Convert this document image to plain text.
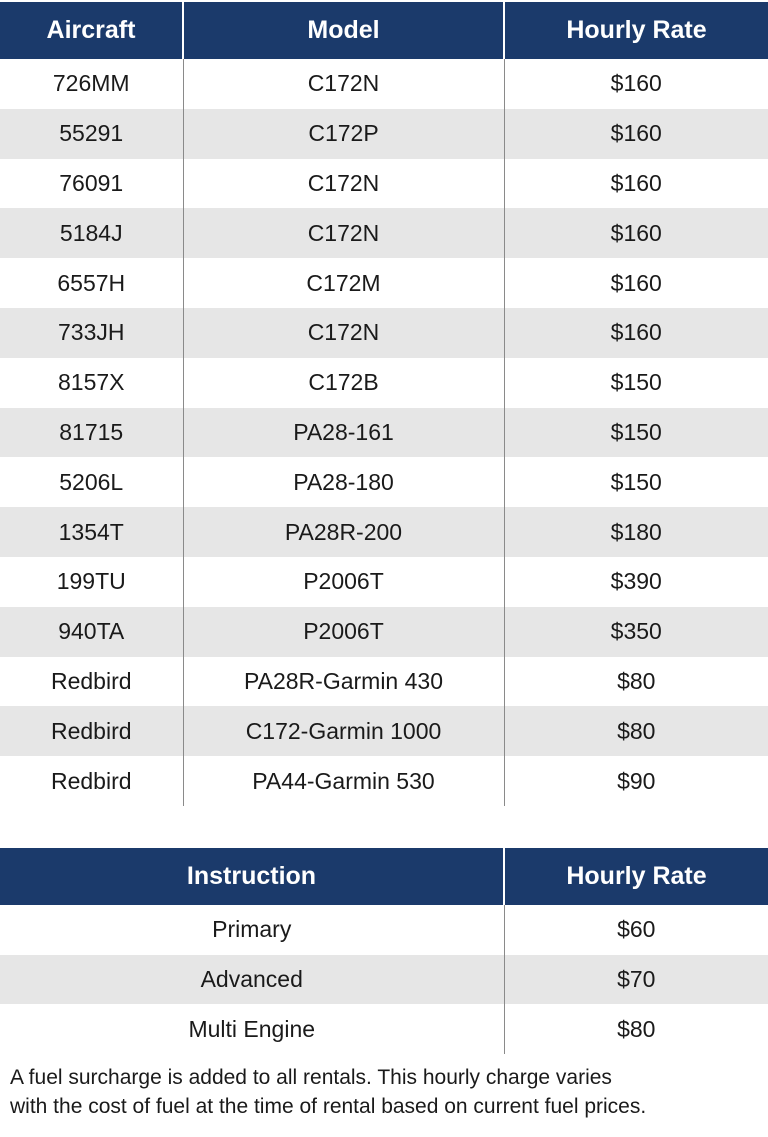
Aircraft	Model	Hourly Rate
726MM	C172N	$160
55291	C172P	$160
76091	C172N	$160
5184J	C172N	$160
6557H	C172M	$160
733JH	C172N	$160
8157X	C172B	$150
81715	PA28-161	$150
5206L	PA28-180	$150
1354T	PA28R-200	$180
199TU	P2006T	$390
940TA	P2006T	$350
Redbird	PA28R-Garmin 430	$80
Redbird	C172-Garmin 1000	$80
Redbird	PA44-Garmin 530	$90
Instruction	Hourly Rate
Primary	$60
Advanced	$70
Multi Engine	$80
A fuel surcharge is added to all rentals. This hourly charge varies
with the cost of fuel at the time of rental based on current fuel prices.
